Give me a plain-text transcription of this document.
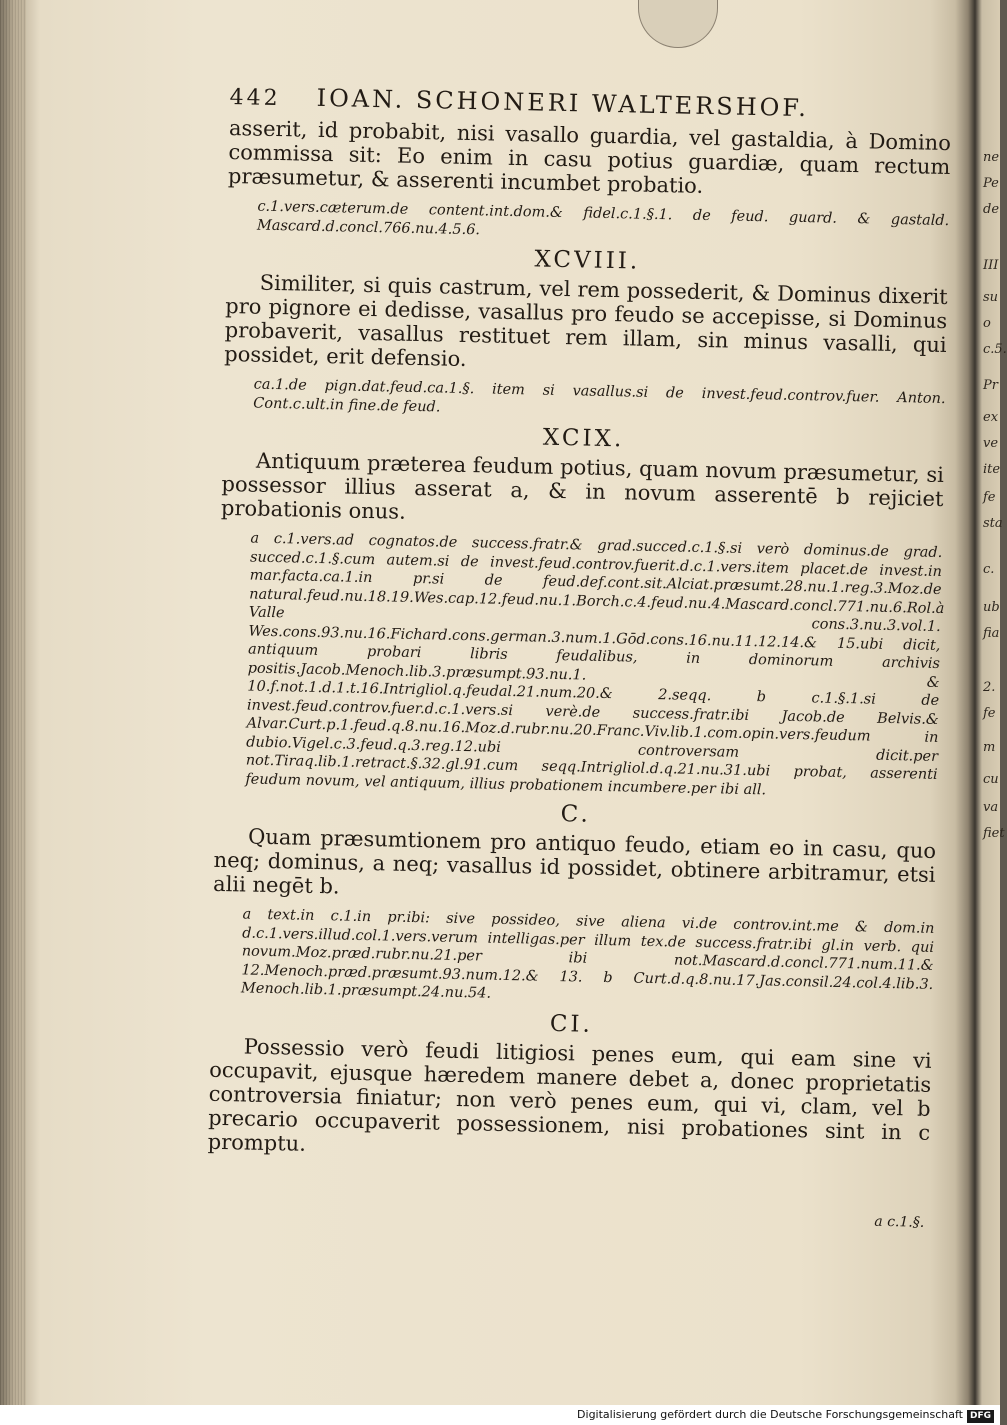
ne
Pe
de
III
su
o
c.5.
Pr
ex
ve
ite
fe
sta
c.
ub
fia
2.
fe
m
cu
va
fiet
442 IOAN. SCHONERI WALTERSHOF.

asserit, id probabit, nisi vasallo guardia, vel gastaldia, à Domino commissa sit: Eo enim in casu potius guardiæ, quam rectum præsumetur, & asserenti incumbet probatio.

c.1.vers.cæterum.de content.int.dom.& fidel.c.1.§.1. de feud. guard. & gastald. Mascard.d.concl.766.nu.4.5.6.

XCVIII.

Similiter, si quis castrum, vel rem possederit, & Dominus dixerit pro pignore ei dedisse, vasallus pro feudo se accepisse, si Dominus probaverit, vasallus restituet rem illam, sin minus vasalli, qui possidet, erit defensio.

ca.1.de pign.dat.feud.ca.1.§. item si vasallus.si de invest.feud.controv.fuer. Anton. Cont.c.ult.in fine.de feud.

XCIX.

Antiquum præterea feudum potius, quam novum præsumetur, si possessor illius asserat a, & in novum asserentē b rejiciet probationis onus.

a c.1.vers.ad cognatos.de success.fratr.& grad.succed.c.1.§.si verò dominus.de grad. succed.c.1.§.cum autem.si de invest.feud.controv.fuerit.d.c.1.vers.item placet.de invest.in mar.facta.ca.1.in pr.si de feud.def.cont.sit.Alciat.præsumt.28.nu.1.reg.3.Moz.de natural.feud.nu.18.19.Wes.cap.12.feud.nu.1.Borch.c.4.feud.nu.4.Mascard.concl.771.nu.6.Rol.à Valle cons.3.nu.3.vol.1. Wes.cons.93.nu.16.Fichard.cons.german.3.num.1.Gōd.cons.16.nu.11.12.14.& 15.ubi dicit, antiquum probari libris feudalibus, in dominorum archivis positis.Jacob.Menoch.lib.3.præsumpt.93.nu.1. & 10.f.not.1.d.1.t.16.Intrigliol.q.feudal.21.num.20.& 2.seqq. b c.1.§.1.si de invest.feud.controv.fuer.d.c.1.vers.si verè.de success.fratr.ibi Jacob.de Belvis.& Alvar.Curt.p.1.feud.q.8.nu.16.Moz.d.rubr.nu.20.Franc.Viv.lib.1.com.opin.vers.feudum in dubio.Vigel.c.3.feud.q.3.reg.12.ubi controversam dicit.per not.Tiraq.lib.1.retract.§.32.gl.91.cum seqq.Intrigliol.d.q.21.nu.31.ubi probat, asserenti feudum novum, vel antiquum, illius probationem incumbere.per ibi all.

C.

Quam præsumtionem pro antiquo feudo, etiam eo in casu, quo neq; dominus, a neq; vasallus id possidet, obtinere arbitramur, etsi alii negēt b.

a text.in c.1.in pr.ibi: sive possideo, sive aliena vi.de controv.int.me & dom.in d.c.1.vers.illud.col.1.vers.verum intelligas.per illum tex.de success.fratr.ibi gl.in verb. qui novum.Moz.præd.rubr.nu.21.per ibi not.Mascard.d.concl.771.num.11.& 12.Menoch.præd.præsumt.93.num.12.& 13. b Curt.d.q.8.nu.17.Jas.consil.24.col.4.lib.3. Menoch.lib.1.præsumpt.24.nu.54.

CI.

Possessio verò feudi litigiosi penes eum, qui eam sine vi occupavit, ejusque hæredem manere debet a, donec proprietatis controversia finiatur; non verò penes eum, qui vi, clam, vel b precario occupaverit possessionem, nisi probationes sint in c promptu.

a c.1.§.
Digitalisierung gefördert durch die Deutsche Forschungsgemeinschaft DFG
